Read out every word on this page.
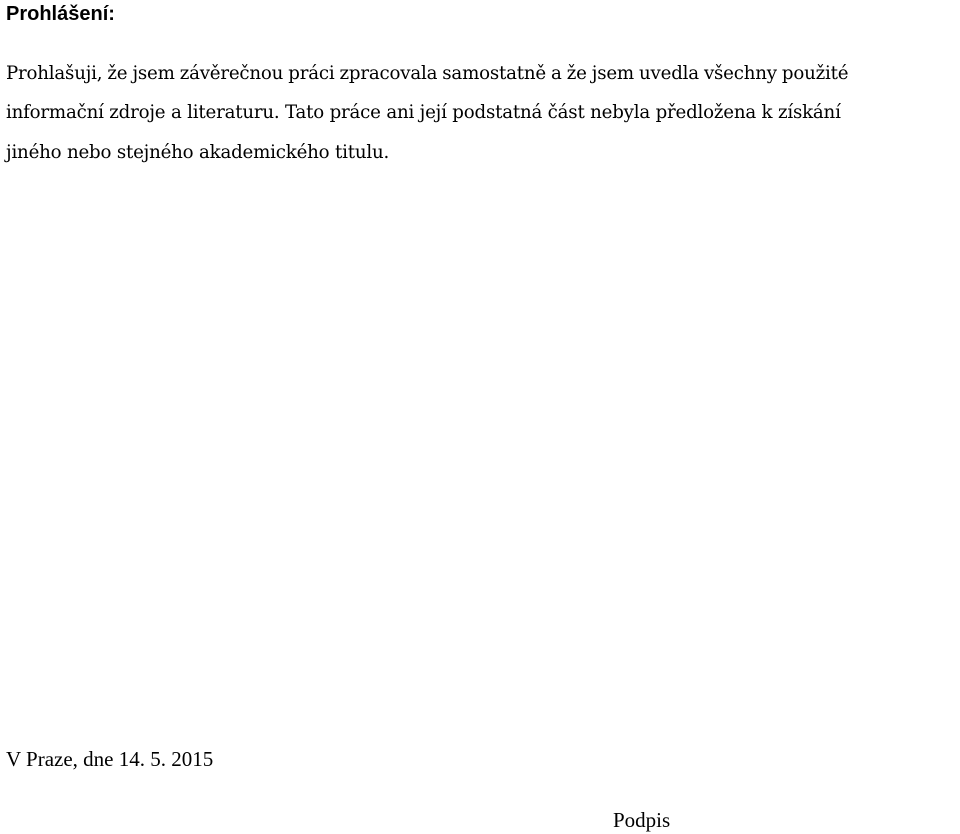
Prohlášení:

Prohlašuji, že jsem závěrečnou práci zpracovala samostatně a že jsem uvedla všechny použité

informační zdroje a literaturu. Tato práce ani její podstatná část nebyla předložena k získání

jiného nebo stejného akademického titulu.

V Praze, dne 14. 5. 2015

Podpis
